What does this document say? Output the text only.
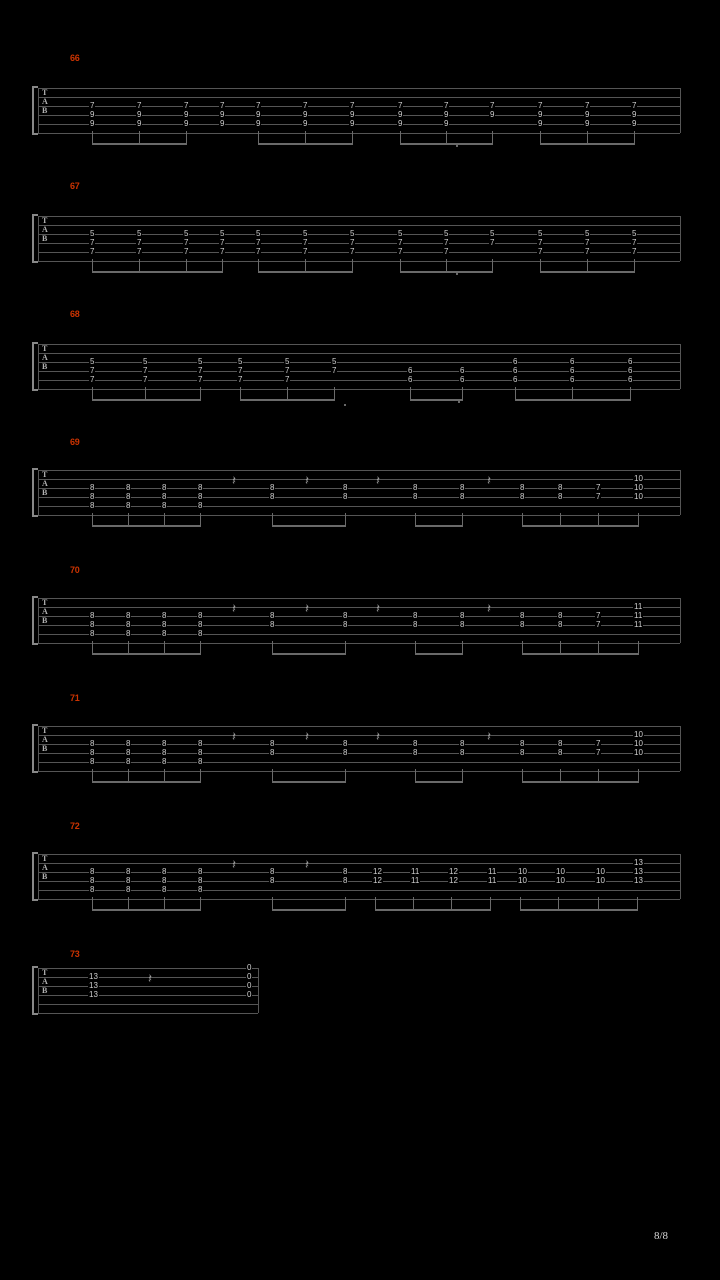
66
T
A
B
7
9
9
7
9
9
7
9
9
7
9
9
7
9
9
7
9
9
7
9
9
7
9
9
7
9
9
7
9
7
9
9
7
9
9
7
9
9
67
T
A
B
5
7
7
5
7
7
5
7
7
5
7
7
5
7
7
5
7
7
5
7
7
5
7
7
5
7
7
5
7
5
7
7
5
7
7
5
7
7
68
T
A
B
5
7
7
5
7
7
5
7
7
5
7
7
5
7
7
5
7	6
6
6
6
6
6
6
6
6
6
6
6
6
69
T
A
B
8
8
8
8
8
8
8
8
8
8
8
8
8
8
8
8
8
8
8
8
8
8
8
8
7
7
10
10
10
𝄽	𝄽	𝄽	𝄽
70
T
A
B
8
8
8
8
8
8
8
8
8
8
8
8
8
8
8
8
8
8
8
8
8
8
8
8
7
7
11
11
11
𝄽	𝄽	𝄽	𝄽
71
T
A
B
8
8
8
8
8
8
8
8
8
8
8
8
8
8
8
8
8
8
8
8
8
8
8
8
7
7
10
10
10
𝄽	𝄽	𝄽	𝄽
72
T
A
B
8
8
8
8
8
8
8
8
8
8
8
8
8
8
8
8
12
12
11
11
12
12
11
11
10
10
10
10
10
10
13
13
13
𝄽	𝄽
73
T
A
B
13
13
13
0
0
0
0
𝄽
8/8
